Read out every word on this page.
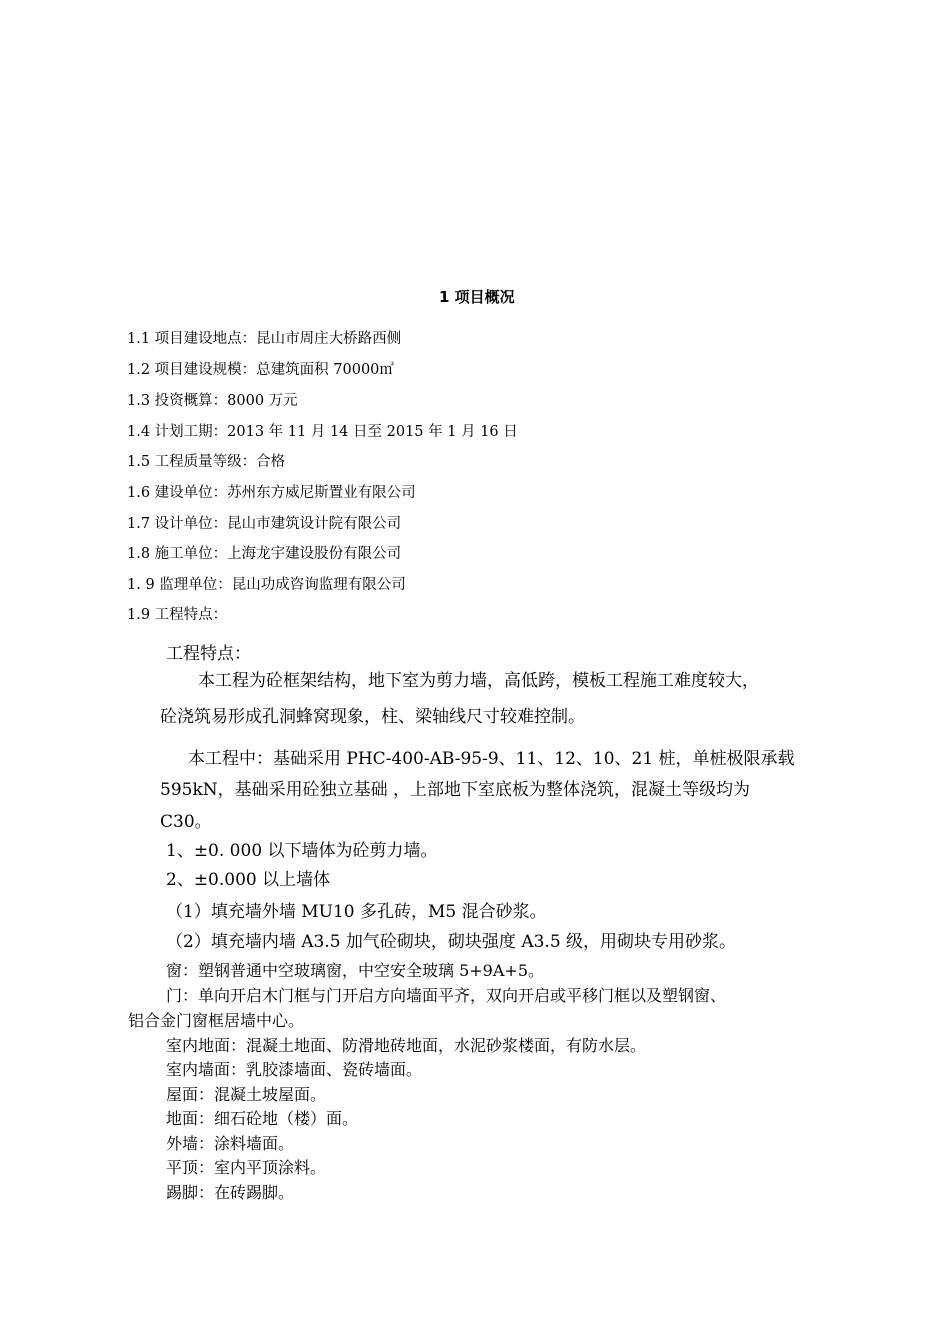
1 项目概况
1.1 项目建设地点：昆山市周庄大桥路西侧
1.2 项目建设规模：总建筑面积 70000㎡
1.3 投资概算：8000 万元
1.4 计划工期：2013 年 11 月 14 日至 2015 年 1 月 16 日
1.5 工程质量等级：合格
1.6 建设单位：苏州东方威尼斯置业有限公司
1.7 设计单位：昆山市建筑设计院有限公司
1.8 施工单位：上海龙宇建设股份有限公司
1. 9 监理单位：昆山功成咨询监理有限公司
1.9 工程特点：
工程特点：
本工程为砼框架结构，地下室为剪力墙，高低跨，模板工程施工难度较大，
砼浇筑易形成孔洞蜂窝现象，柱、梁轴线尺寸较难控制。
本工程中：基础采用 PHC-400-AB-95-9、11、12、10、21 桩，单桩极限承载
595kN，基础采用砼独立基础 ，上部地下室底板为整体浇筑，混凝土等级均为
C30。
1、±0. 000 以下墙体为砼剪力墙。
2、±0.000 以上墙体
（1）填充墙外墙 MU10 多孔砖，M5 混合砂浆。
（2）填充墙内墙 A3.5 加气砼砌块，砌块强度 A3.5 级，用砌块专用砂浆。
窗：塑钢普通中空玻璃窗，中空安全玻璃 5+9A+5。
门：单向开启木门框与门开启方向墙面平齐，双向开启或平移门框以及塑钢窗、
铝合金门窗框居墙中心。
室内地面：混凝土地面、防滑地砖地面，水泥砂浆楼面，有防水层。
室内墙面：乳胶漆墙面、瓷砖墙面。
屋面：混凝土坡屋面。
地面：细石砼地（楼）面。
外墙：涂料墙面。
平顶：室内平顶涂料。
踢脚：在砖踢脚。
